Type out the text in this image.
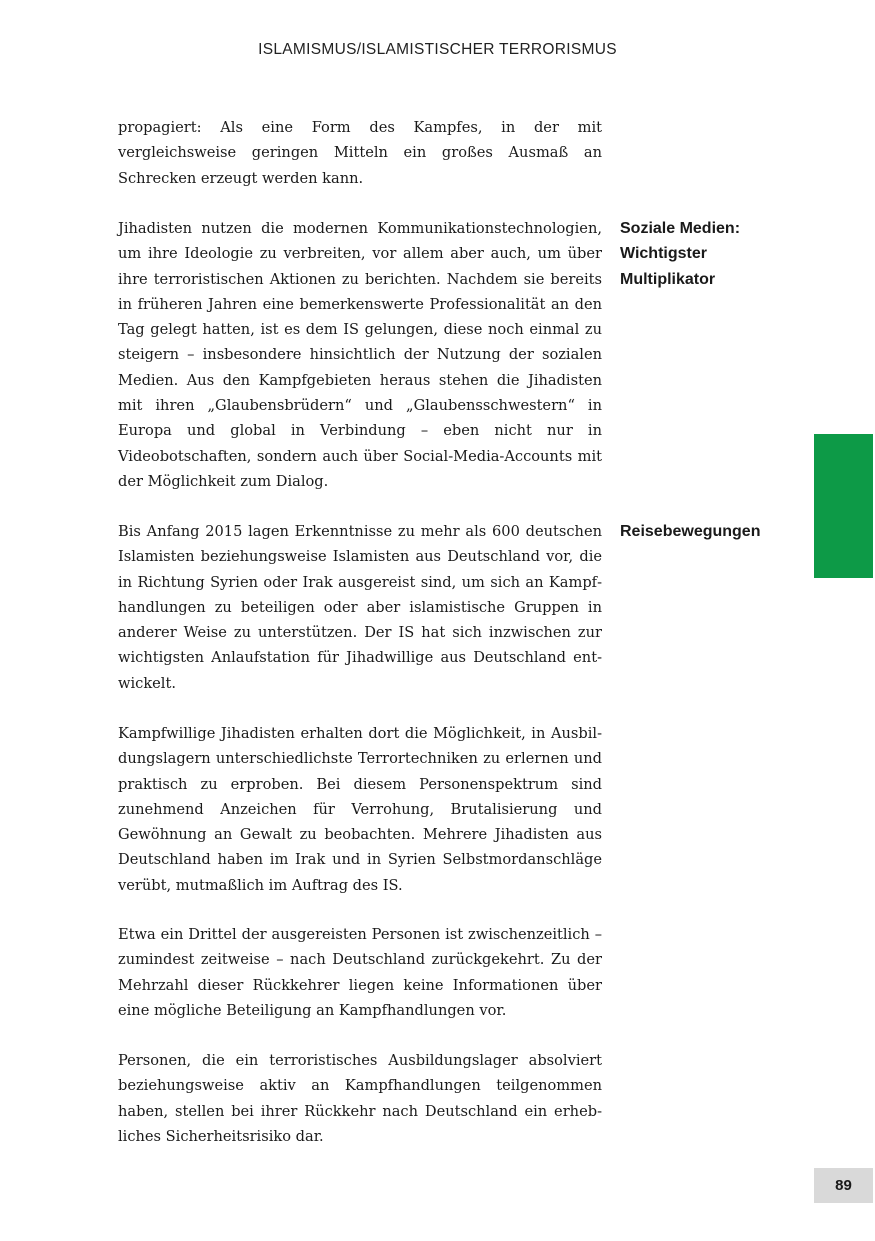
ISLAMISMUS/ISLAMISTISCHER TERRORISMUS

propagiert: Als eine Form des Kampfes, in der mit vergleichsweise geringen Mitteln ein großes Ausmaß an Schrecken erzeugt werden kann.

Jihadisten nutzen die modernen Kommunikationstechnologien, um ihre Ideologie zu verbreiten, vor allem aber auch, um über ihre terroristischen Aktionen zu berichten. Nachdem sie bereits in früheren Jahren eine bemerkenswerte Professionalität an den Tag gelegt hatten, ist es dem IS gelungen, diese noch einmal zu steigern – insbesondere hinsichtlich der Nutzung der sozialen Medien. Aus den Kampfgebieten heraus stehen die Jihadisten mit ihren „Glaubensbrüdern“ und „Glaubensschwestern“ in Europa und global in Verbindung – eben nicht nur in Videobotschaften, sondern auch über Social-Media-Accounts mit der Möglichkeit zum Dialog.

Bis Anfang 2015 lagen Erkenntnisse zu mehr als 600 deutschen Islamisten beziehungsweise Islamisten aus Deutschland vor, die in Richtung Syrien oder Irak ausgereist sind, um sich an Kampfhandlungen zu beteiligen oder aber islamistische Gruppen in anderer Weise zu unterstützen. Der IS hat sich inzwischen zur wichtigsten Anlaufstation für Jihadwillige aus Deutschland entwickelt.

Kampfwillige Jihadisten erhalten dort die Möglichkeit, in Ausbildungslagern unterschiedlichste Terrortechniken zu erlernen und praktisch zu erproben. Bei diesem Personenspektrum sind zunehmend Anzeichen für Verrohung, Brutalisierung und Gewöhnung an Gewalt zu beobachten. Mehrere Jihadisten aus Deutschland haben im Irak und in Syrien Selbstmordanschläge verübt, mutmaßlich im Auftrag des IS.

Etwa ein Drittel der ausgereisten Personen ist zwischenzeitlich – zumindest zeitweise – nach Deutschland zurückgekehrt. Zu der Mehrzahl dieser Rückkehrer liegen keine Informationen über eine mögliche Beteiligung an Kampfhandlungen vor.

Personen, die ein terroristisches Ausbildungslager absolviert beziehungsweise aktiv an Kampfhandlungen teilgenommen haben, stellen bei ihrer Rückkehr nach Deutschland ein erhebliches Sicherheitsrisiko dar.

Soziale Medien: Wichtigster Multiplikator

Reisebewegungen

89
